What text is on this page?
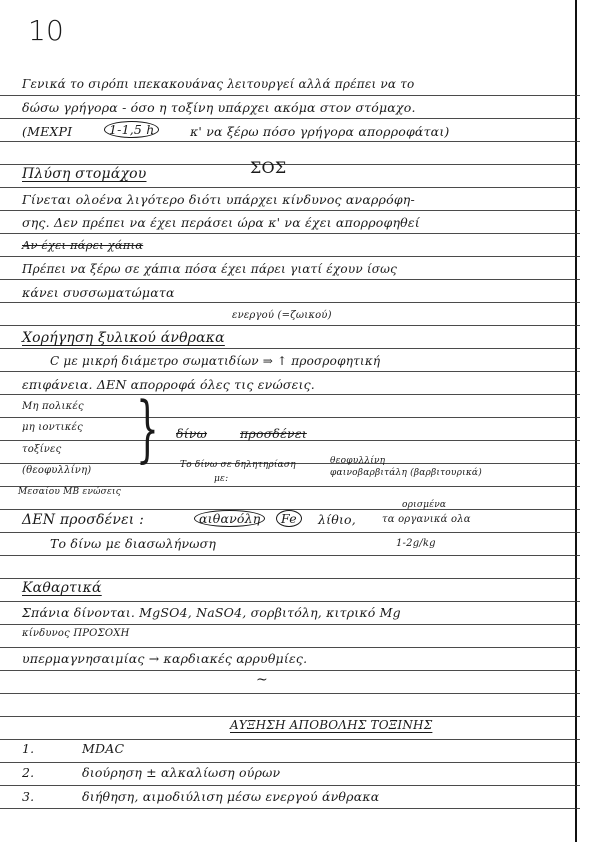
10
Γενικά το σιρόπι ιπεκακουάνας λειτουργεί αλλά πρέπει να το
δώσω γρήγορα - όσο η τοξίνη υπάρχει ακόμα στον στόμαχο.
(ΜΕΧΡΙ	1-1,5 h	κ' να ξέρω πόσο γρήγορα απορροφάται)
Πλύση στομάχου	ΣΟΣ
Γίνεται ολοένα λιγότερο διότι υπάρχει κίνδυνος αναρρόφη-
σης. Δεν πρέπει να έχει περάσει ώρα κ' να έχει απορροφηθεί
Αν έχει πάρει χάπια
Πρέπει να ξέρω σε χάπια πόσα έχει πάρει γιατί έχουν ίσως
κάνει συσσωματώματα
ενεργού (=ζωικού)
Χορήγηση ξυλικού άνθρακα
C με μικρή διάμετρο σωματιδίων ⇒ ↑ προσροφητική
επιφάνεια. ΔΕΝ απορροφά όλες τις ενώσεις.
Μη πολικές
μη ιοντικές
τοξίνες
(θεοφυλλίνη)
Μεσαίου ΜΒ ενώσεις
} δίνω	προσδένει
Το δίνω σε δηλητηρίαση
με:
θεοφυλλίνη
φαινοβαρβιτάλη (βαρβιτουρικά)
ΔΕΝ προσδένει :	αιθανόλη	Fe	λίθιο,
ορισμένα
τα οργανικά ολα
Το δίνω με διασωλήνωση	1-2g/kg
Καθαρτικά
Σπάνια δίνονται. MgSO4, NaSO4, σορβιτόλη, κιτρικό Mg
κίνδυνος ΠΡΟΣΟΧΗ
υπερμαγνησαιμίας → καρδιακές αρρυθμίες.
~
ΑΥΞΗΣΗ ΑΠΟΒΟΛΗΣ ΤΟΞΙΝΗΣ
1.	MDAC
2.	διούρηση ± αλκαλίωση ούρων
3.	διήθηση, αιμοδιύλιση μέσω ενεργού άνθρακα
